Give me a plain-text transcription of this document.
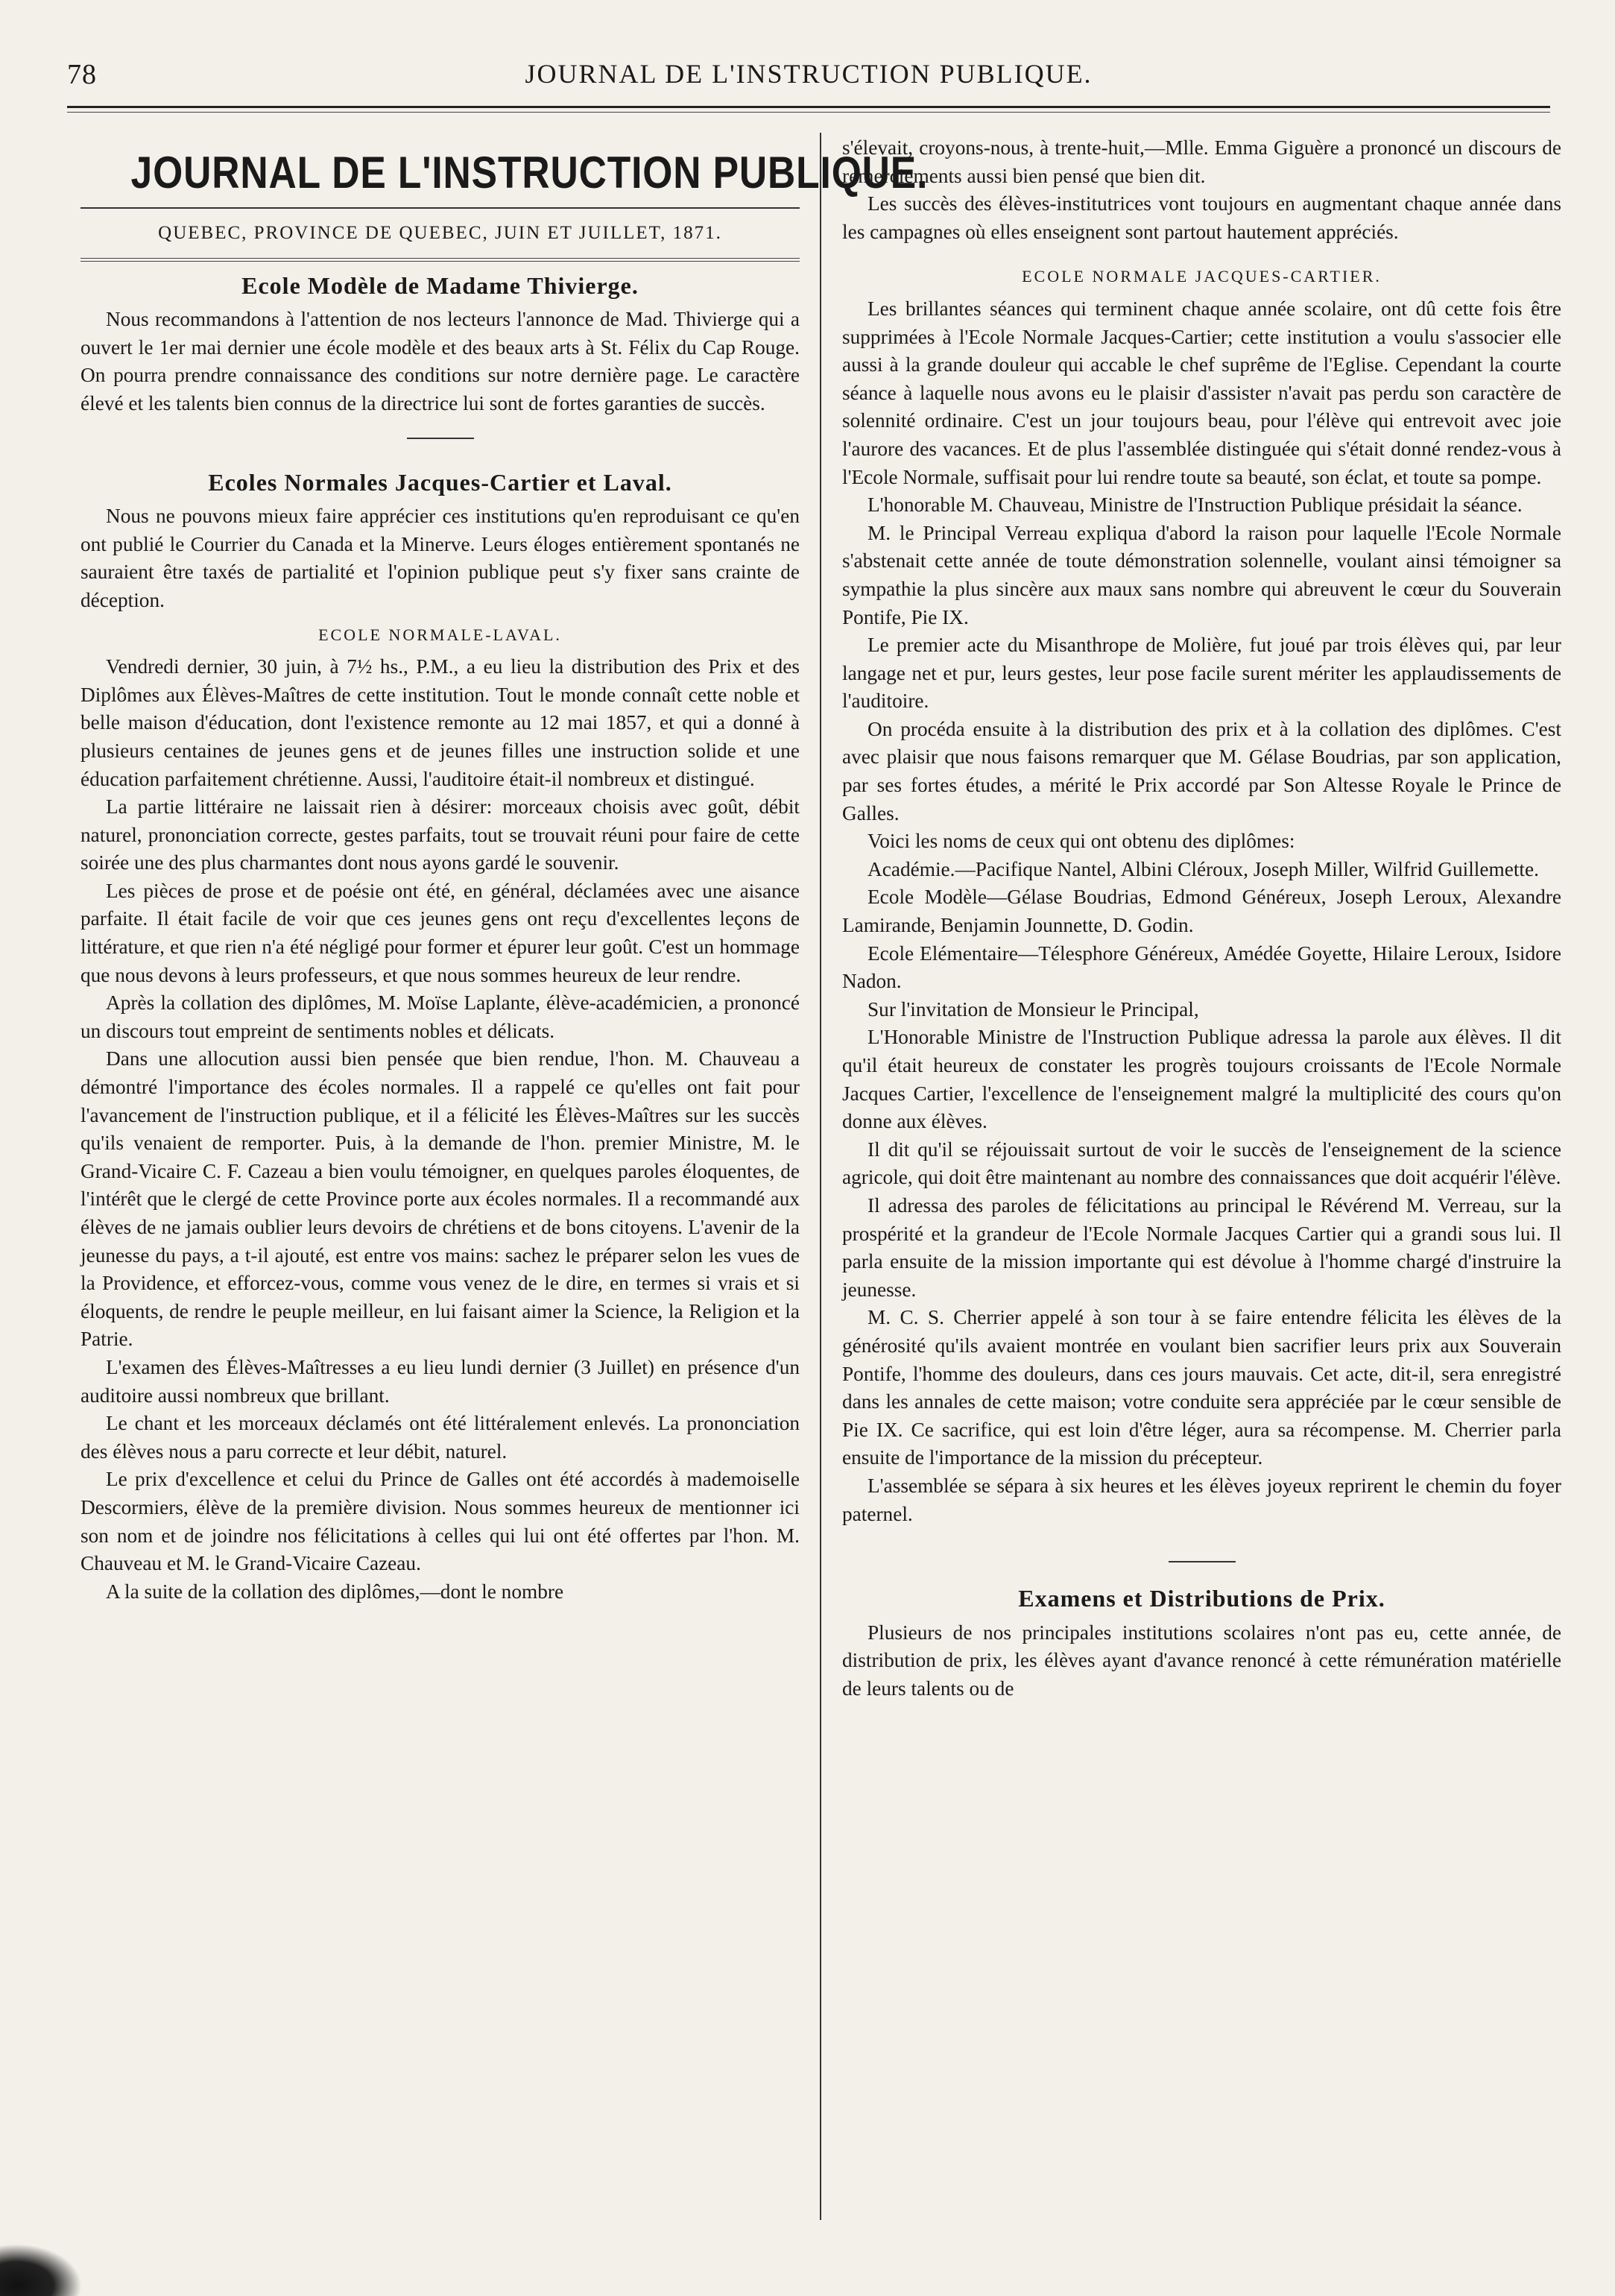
78	JOURNAL DE L'INSTRUCTION PUBLIQUE.
JOURNAL DE L'INSTRUCTION PUBLIQUE.
QUEBEC, PROVINCE DE QUEBEC, JUIN ET JUILLET, 1871.
Ecole Modèle de Madame Thivierge.

Nous recommandons à l'attention de nos lecteurs l'annonce de Mad. Thivierge qui a ouvert le 1er mai dernier une école modèle et des beaux arts à St. Félix du Cap Rouge. On pourra prendre connaissance des conditions sur notre dernière page. Le caractère élevé et les talents bien connus de la directrice lui sont de fortes garanties de succès.

Ecoles Normales Jacques-Cartier et Laval.

Nous ne pouvons mieux faire apprécier ces institutions qu'en reproduisant ce qu'en ont publié le Courrier du Canada et la Minerve. Leurs éloges entièrement spontanés ne sauraient être taxés de partialité et l'opinion publique peut s'y fixer sans crainte de déception.

ECOLE NORMALE-LAVAL.

Vendredi dernier, 30 juin, à 7½ hs., P.M., a eu lieu la distribution des Prix et des Diplômes aux Élèves-Maîtres de cette institution. Tout le monde connaît cette noble et belle maison d'éducation, dont l'existence remonte au 12 mai 1857, et qui a donné à plusieurs centaines de jeunes gens et de jeunes filles une instruction solide et une éducation parfaitement chrétienne. Aussi, l'auditoire était-il nombreux et distingué.

La partie littéraire ne laissait rien à désirer: morceaux choisis avec goût, débit naturel, prononciation correcte, gestes parfaits, tout se trouvait réuni pour faire de cette soirée une des plus charmantes dont nous ayons gardé le souvenir.

Les pièces de prose et de poésie ont été, en général, déclamées avec une aisance parfaite. Il était facile de voir que ces jeunes gens ont reçu d'excellentes leçons de littérature, et que rien n'a été négligé pour former et épurer leur goût. C'est un hommage que nous devons à leurs professeurs, et que nous sommes heureux de leur rendre.

Après la collation des diplômes, M. Moïse Laplante, élève-académicien, a prononcé un discours tout empreint de sentiments nobles et délicats.

Dans une allocution aussi bien pensée que bien rendue, l'hon. M. Chauveau a démontré l'importance des écoles normales. Il a rappelé ce qu'elles ont fait pour l'avancement de l'instruction publique, et il a félicité les Élèves-Maîtres sur les succès qu'ils venaient de remporter. Puis, à la demande de l'hon. premier Ministre, M. le Grand-Vicaire C. F. Cazeau a bien voulu témoigner, en quelques paroles éloquentes, de l'intérêt que le clergé de cette Province porte aux écoles normales. Il a recommandé aux élèves de ne jamais oublier leurs devoirs de chrétiens et de bons citoyens. L'avenir de la jeunesse du pays, a t-il ajouté, est entre vos mains: sachez le préparer selon les vues de la Providence, et efforcez-vous, comme vous venez de le dire, en termes si vrais et si éloquents, de rendre le peuple meilleur, en lui faisant aimer la Science, la Religion et la Patrie.

L'examen des Élèves-Maîtresses a eu lieu lundi dernier (3 Juillet) en présence d'un auditoire aussi nombreux que brillant.

Le chant et les morceaux déclamés ont été littéralement enlevés. La prononciation des élèves nous a paru correcte et leur débit, naturel.

Le prix d'excellence et celui du Prince de Galles ont été accordés à mademoiselle Descormiers, élève de la première division. Nous sommes heureux de mentionner ici son nom et de joindre nos félicitations à celles qui lui ont été offertes par l'hon. M. Chauveau et M. le Grand-Vicaire Cazeau.

A la suite de la collation des diplômes,—dont le nombre

s'élevait, croyons-nous, à trente-huit,—Mlle. Emma Giguère a prononcé un discours de remerciements aussi bien pensé que bien dit.

Les succès des élèves-institutrices vont toujours en augmentant chaque année dans les campagnes où elles enseignent sont partout hautement appréciés.

ECOLE NORMALE JACQUES-CARTIER.

Les brillantes séances qui terminent chaque année scolaire, ont dû cette fois être supprimées à l'Ecole Normale Jacques-Cartier; cette institution a voulu s'associer elle aussi à la grande douleur qui accable le chef suprême de l'Eglise. Cependant la courte séance à laquelle nous avons eu le plaisir d'assister n'avait pas perdu son caractère de solennité ordinaire. C'est un jour toujours beau, pour l'élève qui entrevoit avec joie l'aurore des vacances. Et de plus l'assemblée distinguée qui s'était donné rendez-vous à l'Ecole Normale, suffisait pour lui rendre toute sa beauté, son éclat, et toute sa pompe.

L'honorable M. Chauveau, Ministre de l'Instruction Publique présidait la séance.

M. le Principal Verreau expliqua d'abord la raison pour laquelle l'Ecole Normale s'abstenait cette année de toute démonstration solennelle, voulant ainsi témoigner sa sympathie la plus sincère aux maux sans nombre qui abreuvent le cœur du Souverain Pontife, Pie IX.

Le premier acte du Misanthrope de Molière, fut joué par trois élèves qui, par leur langage net et pur, leurs gestes, leur pose facile surent mériter les applaudissements de l'auditoire.

On procéda ensuite à la distribution des prix et à la collation des diplômes. C'est avec plaisir que nous faisons remarquer que M. Gélase Boudrias, par son application, par ses fortes études, a mérité le Prix accordé par Son Altesse Royale le Prince de Galles.

Voici les noms de ceux qui ont obtenu des diplômes:

Académie.—Pacifique Nantel, Albini Cléroux, Joseph Miller, Wilfrid Guillemette.

Ecole Modèle—Gélase Boudrias, Edmond Généreux, Joseph Leroux, Alexandre Lamirande, Benjamin Jounnette, D. Godin.

Ecole Elémentaire—Télesphore Généreux, Amédée Goyette, Hilaire Leroux, Isidore Nadon.

Sur l'invitation de Monsieur le Principal,

L'Honorable Ministre de l'Instruction Publique adressa la parole aux élèves. Il dit qu'il était heureux de constater les progrès toujours croissants de l'Ecole Normale Jacques Cartier, l'excellence de l'enseignement malgré la multiplicité des cours qu'on donne aux élèves.

Il dit qu'il se réjouissait surtout de voir le succès de l'enseignement de la science agricole, qui doit être maintenant au nombre des connaissances que doit acquérir l'élève.

Il adressa des paroles de félicitations au principal le Révérend M. Verreau, sur la prospérité et la grandeur de l'Ecole Normale Jacques Cartier qui a grandi sous lui. Il parla ensuite de la mission importante qui est dévolue à l'homme chargé d'instruire la jeunesse.

M. C. S. Cherrier appelé à son tour à se faire entendre félicita les élèves de la générosité qu'ils avaient montrée en voulant bien sacrifier leurs prix aux Souverain Pontife, l'homme des douleurs, dans ces jours mauvais. Cet acte, dit-il, sera enregistré dans les annales de cette maison; votre conduite sera appréciée par le cœur sensible de Pie IX. Ce sacrifice, qui est loin d'être léger, aura sa récompense. M. Cherrier parla ensuite de l'importance de la mission du précepteur.

L'assemblée se sépara à six heures et les élèves joyeux reprirent le chemin du foyer paternel.

Examens et Distributions de Prix.

Plusieurs de nos principales institutions scolaires n'ont pas eu, cette année, de distribution de prix, les élèves ayant d'avance renoncé à cette rémunération matérielle de leurs talents ou de
